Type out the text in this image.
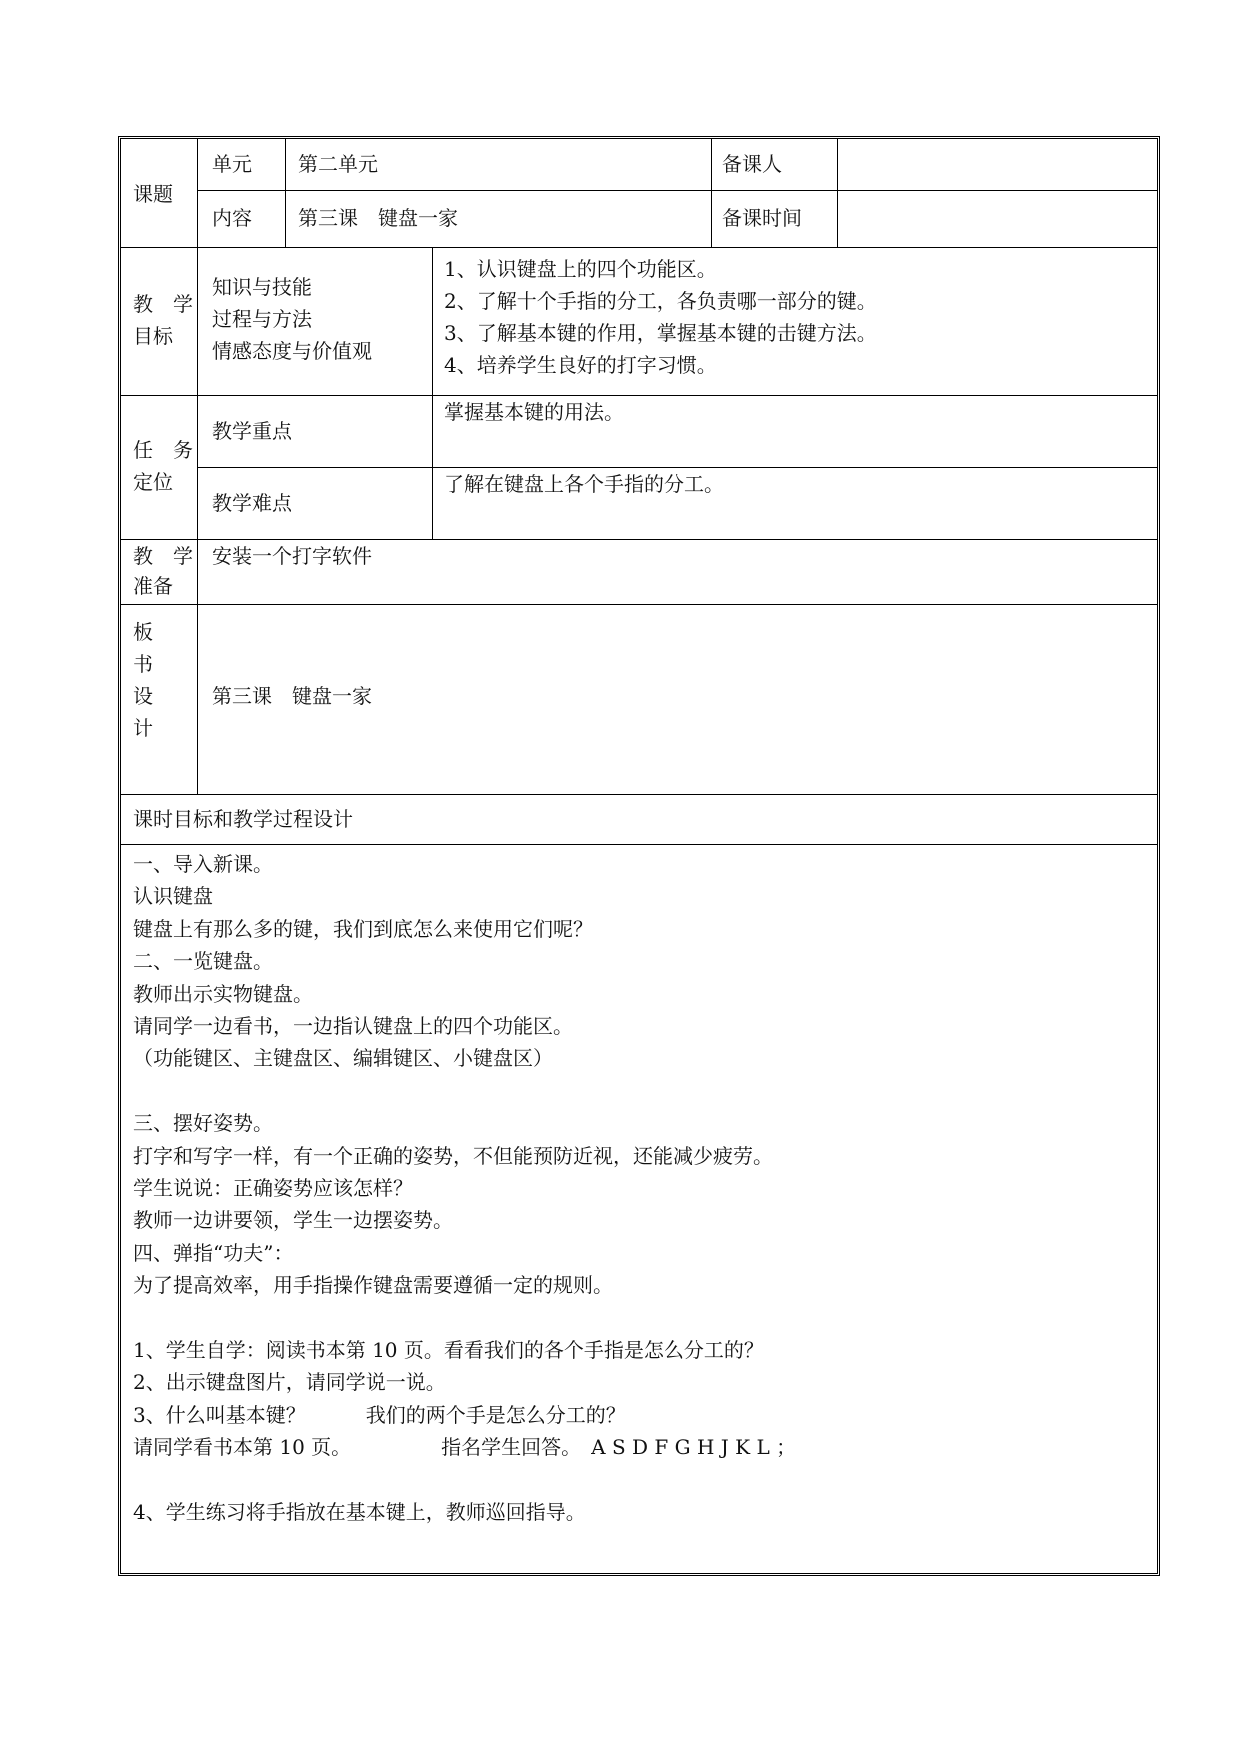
课题
单元 第二单元	备课人
内容 第三课　键盘一家	备课时间
教　学
目标
知识与技能
过程与方法
情感态度与价值观
1、认识键盘上的四个功能区。
2、了解十个手指的分工，各负责哪一部分的键。
3、了解基本键的作用，掌握基本键的击键方法。
4、培养学生良好的打字习惯。
任　务
定位
教学重点
掌握基本键的用法。
教学难点
了解在键盘上各个手指的分工。
教　学
准备
安装一个打字软件
板
书
设
计
第三课　键盘一家
课时目标和教学过程设计
一、导入新课。
认识键盘
键盘上有那么多的键，我们到底怎么来使用它们呢？
二、一览键盘。
教师出示实物键盘。
请同学一边看书，一边指认键盘上的四个功能区。
（功能键区、主键盘区、编辑键区、小键盘区）
三、摆好姿势。
打字和写字一样，有一个正确的姿势，不但能预防近视，还能减少疲劳。
学生说说：正确姿势应该怎样？
教师一边讲要领，学生一边摆姿势。
四、弹指“功夫”：
为了提高效率，用手指操作键盘需要遵循一定的规则。
1、学生自学：阅读书本第 10 页。看看我们的各个手指是怎么分工的？
2、出示键盘图片，请同学说一说。
3、什么叫基本键？　　　我们的两个手是怎么分工的？
请同学看书本第 10 页。　　　　　指名学生回答。　A S D F G H J K L ；
4、学生练习将手指放在基本键上，教师巡回指导。
